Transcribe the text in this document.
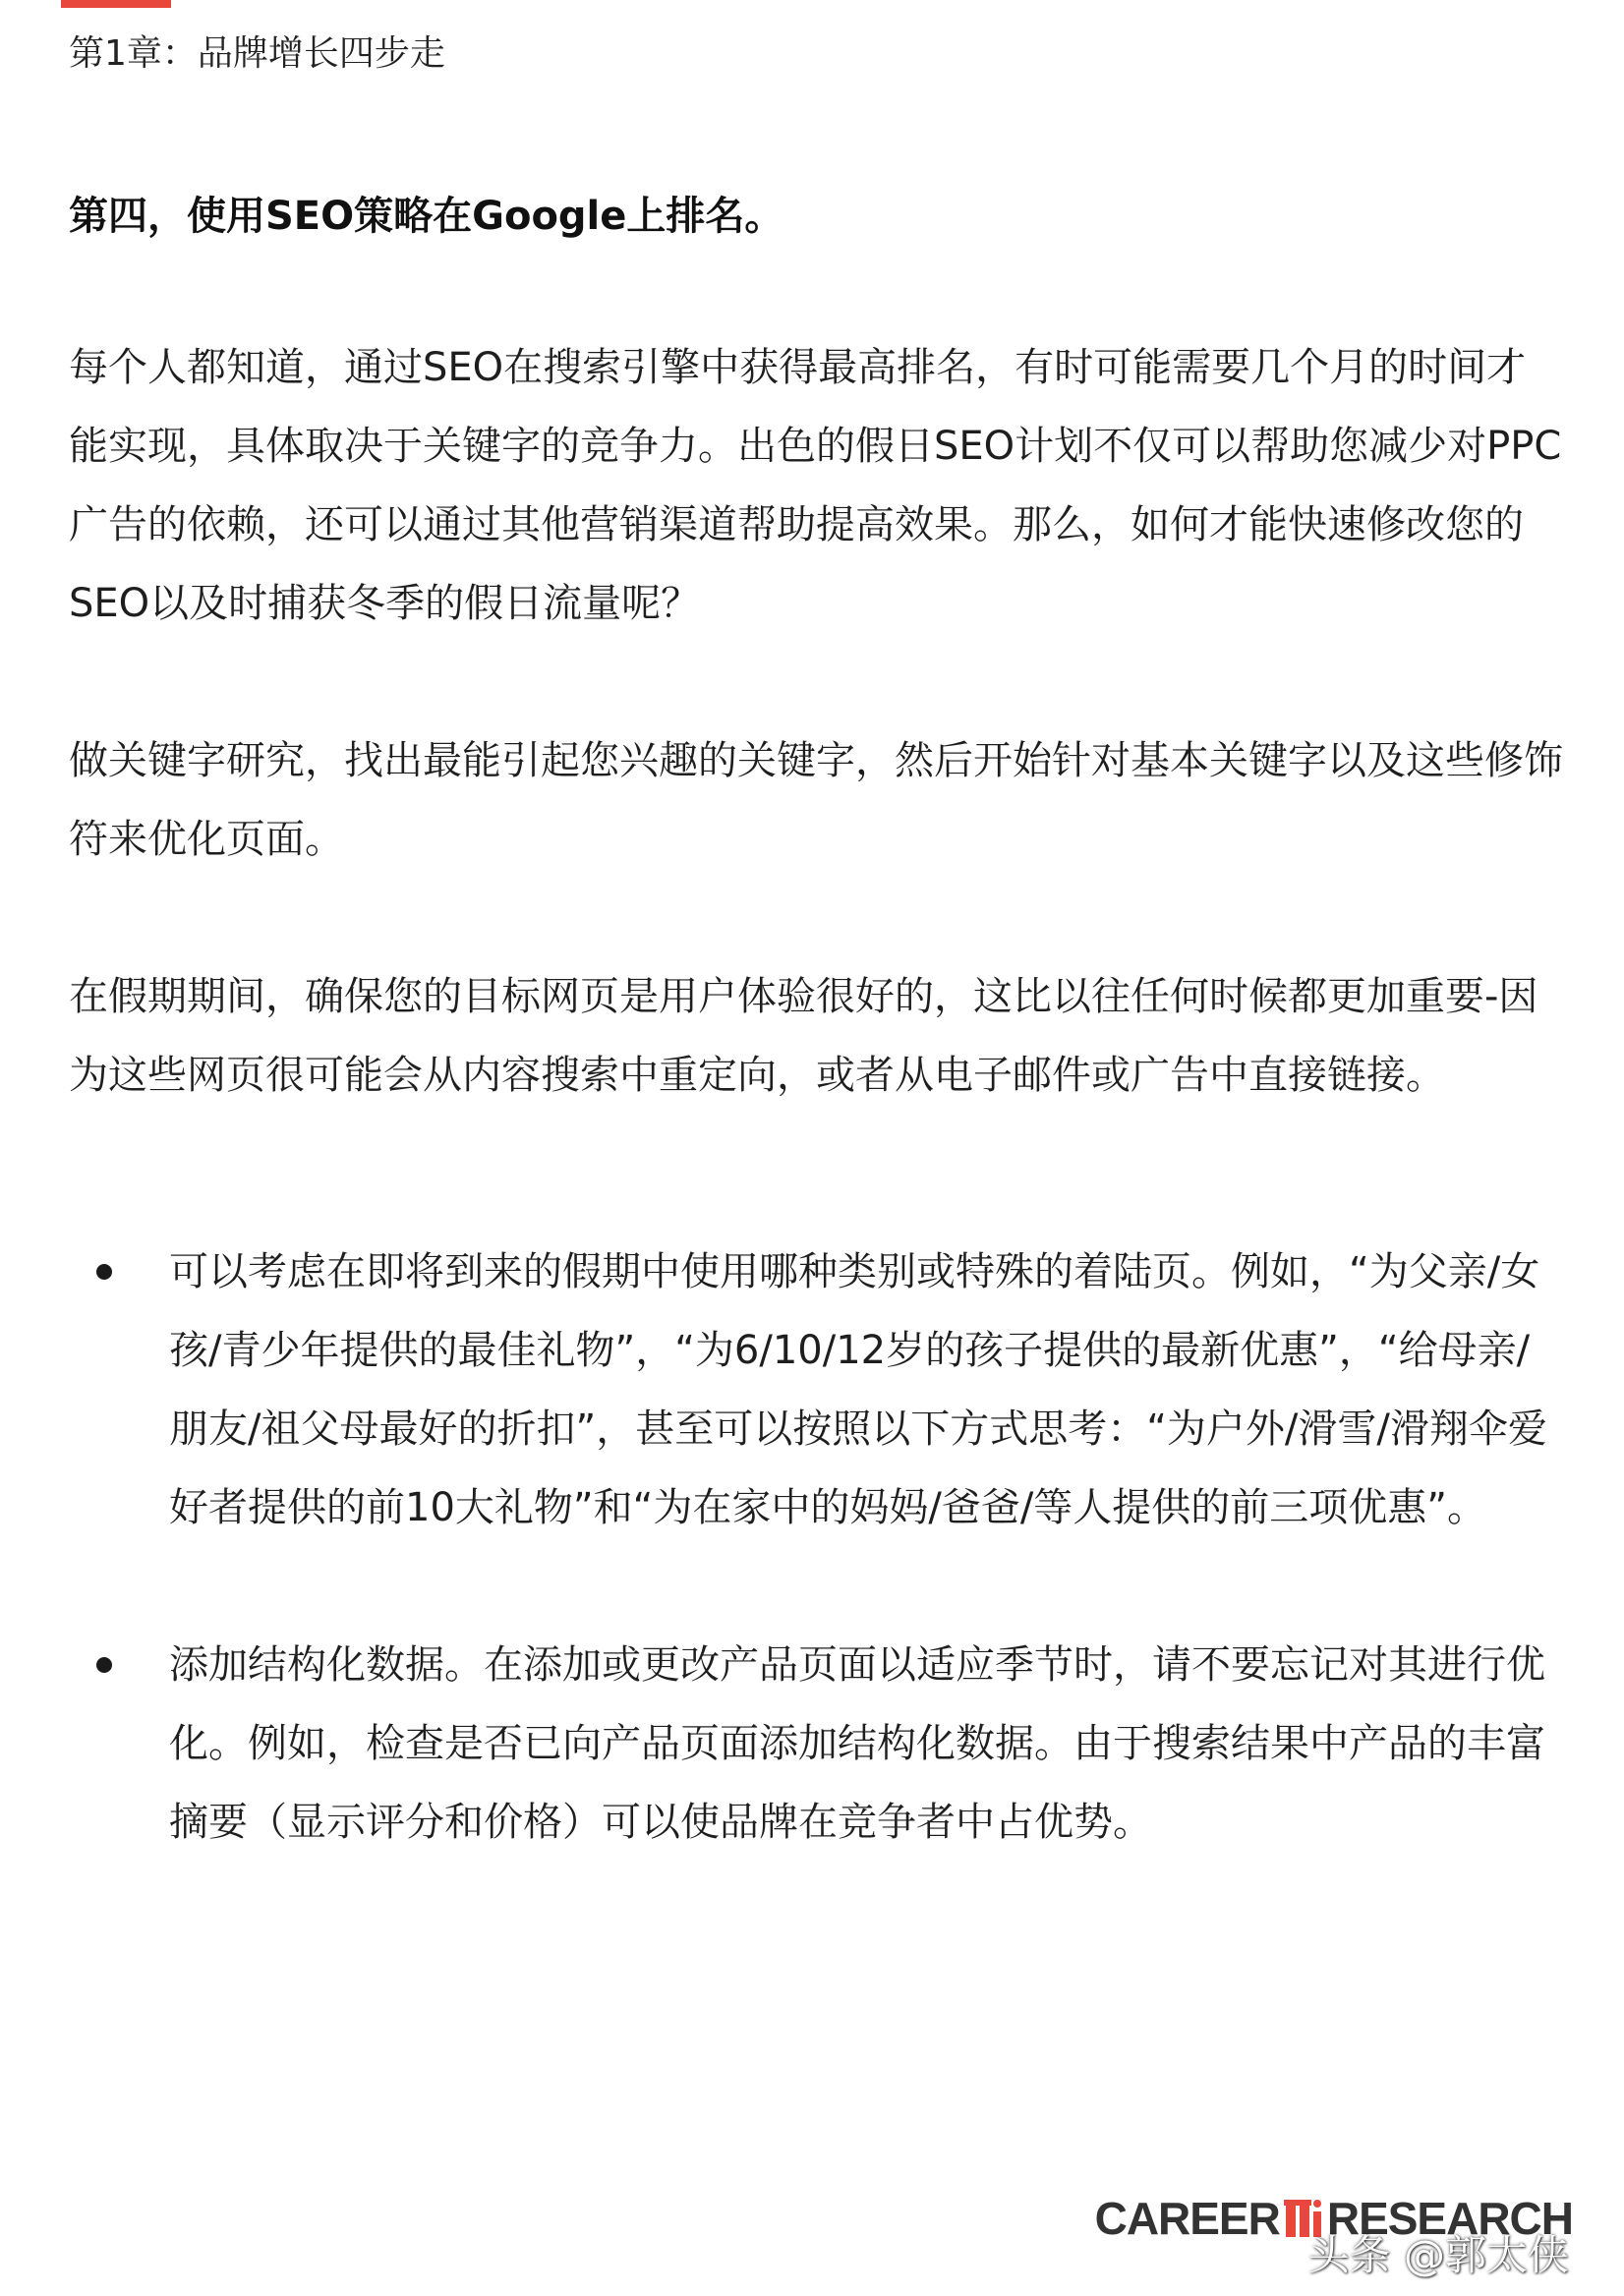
第1章：品牌增长四步走
第四，使用SEO策略在Google上排名。

每个人都知道，通过SEO在搜索引擎中获得最高排名，有时可能需要几个月的时间才能实现，具体取决于关键字的竞争力。出色的假日SEO计划不仅可以帮助您减少对PPC广告的依赖，还可以通过其他营销渠道帮助提高效果。那么，如何才能快速修改您的SEO以及时捕获冬季的假日流量呢？

做关键字研究，找出最能引起您兴趣的关键字，然后开始针对基本关键字以及这些修饰符来优化页面。

在假期期间，确保您的目标网页是用户体验很好的，这比以往任何时候都更加重要-因为这些网页很可能会从内容搜索中重定向，或者从电子邮件或广告中直接链接。

可以考虑在即将到来的假期中使用哪种类别或特殊的着陆页。例如，“为父亲/女孩/青少年提供的最佳礼物”，“为6/10/12岁的孩子提供的最新优惠”，“给母亲/朋友/祖父母最好的折扣”，甚至可以按照以下方式思考：“为户外/滑雪/滑翔伞爱好者提供的前10大礼物”和“为在家中的妈妈/爸爸/等人提供的前三项优惠”。
添加结构化数据。在添加或更改产品页面以适应季节时，请不要忘记对其进行优化。例如，检查是否已向产品页面添加结构化数据。由于搜索结果中产品的丰富摘要（显示评分和价格）可以使品牌在竞争者中占优势。
CAREER RESEARCH
头条 @郭太侠
